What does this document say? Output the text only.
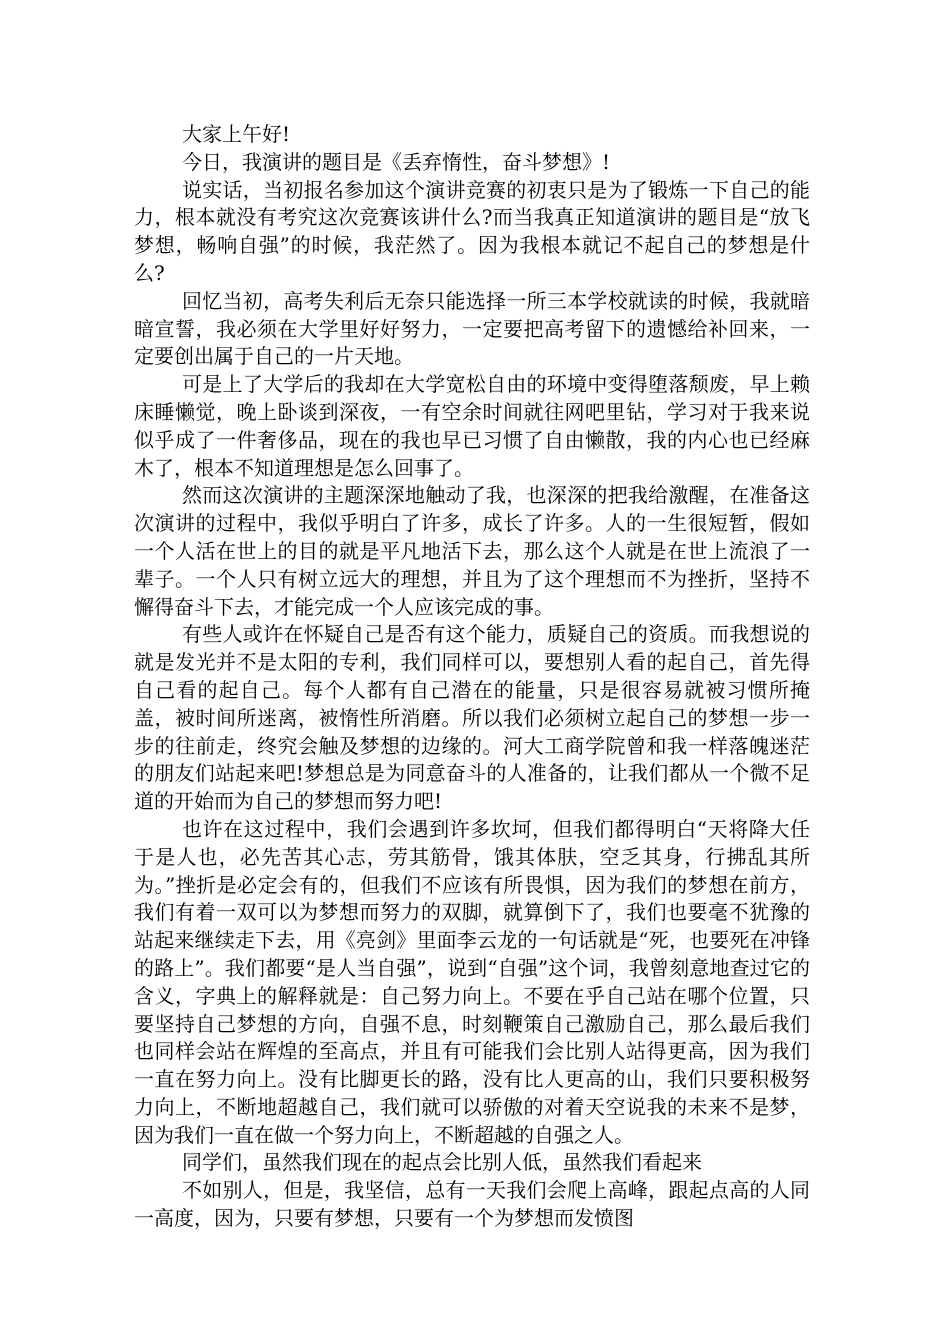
大家上午好!

今日，我演讲的题目是《丢弃惰性，奋斗梦想》!

说实话，当初报名参加这个演讲竞赛的初衷只是为了锻炼一下自己的能力，根本就没有考究这次竞赛该讲什么?而当我真正知道演讲的题目是“放飞梦想，畅响自强”的时候，我茫然了。因为我根本就记不起自己的梦想是什么?

回忆当初，高考失利后无奈只能选择一所三本学校就读的时候，我就暗暗宣誓，我必须在大学里好好努力，一定要把高考留下的遗憾给补回来，一定要创出属于自己的一片天地。

可是上了大学后的我却在大学宽松自由的环境中变得堕落颓废，早上赖床睡懒觉，晚上卧谈到深夜，一有空余时间就往网吧里钻，学习对于我来说似乎成了一件奢侈品，现在的我也早已习惯了自由懒散，我的内心也已经麻木了，根本不知道理想是怎么回事了。

然而这次演讲的主题深深地触动了我，也深深的把我给激醒，在准备这次演讲的过程中，我似乎明白了许多，成长了许多。人的一生很短暂，假如一个人活在世上的目的就是平凡地活下去，那么这个人就是在世上流浪了一辈子。一个人只有树立远大的理想，并且为了这个理想而不为挫折，坚持不懈得奋斗下去，才能完成一个人应该完成的事。

有些人或许在怀疑自己是否有这个能力，质疑自己的资质。而我想说的就是发光并不是太阳的专利，我们同样可以，要想别人看的起自己，首先得自己看的起自己。每个人都有自己潜在的能量，只是很容易就被习惯所掩盖，被时间所迷离，被惰性所消磨。所以我们必须树立起自己的梦想一步一步的往前走，终究会触及梦想的边缘的。河大工商学院曾和我一样落魄迷茫的朋友们站起来吧!梦想总是为同意奋斗的人准备的，让我们都从一个微不足道的开始而为自己的梦想而努力吧!

也许在这过程中，我们会遇到许多坎坷，但我们都得明白“天将降大任于是人也，必先苦其心志，劳其筋骨，饿其体肤，空乏其身，行拂乱其所为。”挫折是必定会有的，但我们不应该有所畏惧，因为我们的梦想在前方，我们有着一双可以为梦想而努力的双脚，就算倒下了，我们也要毫不犹豫的站起来继续走下去，用《亮剑》里面李云龙的一句话就是“死，也要死在冲锋的路上”。我们都要“是人当自强”，说到“自强”这个词，我曾刻意地查过它的含义，字典上的解释就是：自己努力向上。不要在乎自己站在哪个位置，只要坚持自己梦想的方向，自强不息，时刻鞭策自己激励自己，那么最后我们也同样会站在辉煌的至高点，并且有可能我们会比别人站得更高，因为我们一直在努力向上。没有比脚更长的路，没有比人更高的山，我们只要积极努力向上，不断地超越自己，我们就可以骄傲的对着天空说我的未来不是梦，因为我们一直在做一个努力向上，不断超越的自强之人。

同学们，虽然我们现在的起点会比别人低，虽然我们看起来

不如别人，但是，我坚信，总有一天我们会爬上高峰，跟起点高的人同一高度，因为，只要有梦想，只要有一个为梦想而发愤图
